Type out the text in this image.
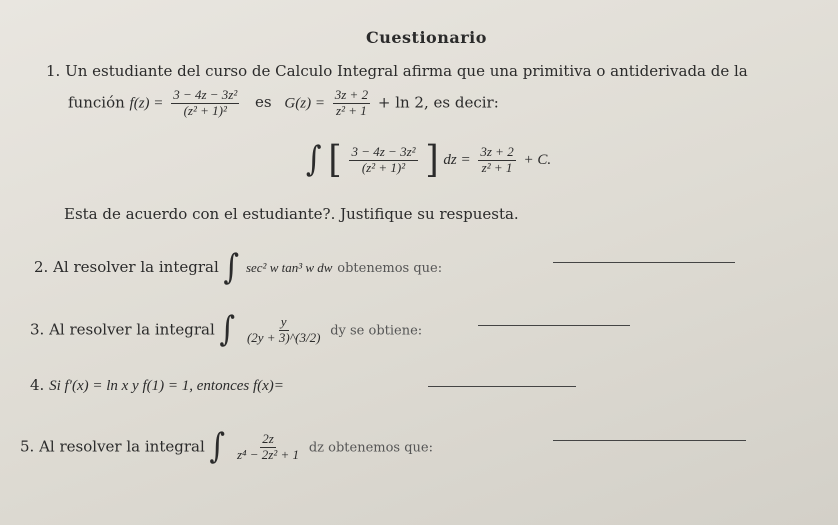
Cuestionario
1. Un estudiante del curso de Calculo Integral afirma que una primitiva o antiderivada de la
función $f(z) = \frac{\text{3 − 4z − 3z²}}{\text{(z² + 1)²}}$ es $G(z) = \frac{3z + 2}{\text{z² + 1}} + \ln 2$, es decir:
∫ [ $\frac{\text{3 − 4z − 3z²}}{\text{(z² + 1)²}}$ ] dz = $\frac{3z + 2}{\text{z² + 1}} + C$.
Esta de acuerdo con el estudiante?. Justifique su respuesta.
2. Al resolver la integral ∫ sec² w tan³ w dw obtenemos que:
3. Al resolver la integral ∫ $\frac{y}{(2y + 3)\^{}(3/2)}$ dy se obtiene:
4. Si f′(x) = ln x y f(1) = 1, entonces f(x)=
5. Al resolver la integral ∫ $\frac{2z}{\text{z⁴ − 2z² + 1}}$ dz obtenemos que:
